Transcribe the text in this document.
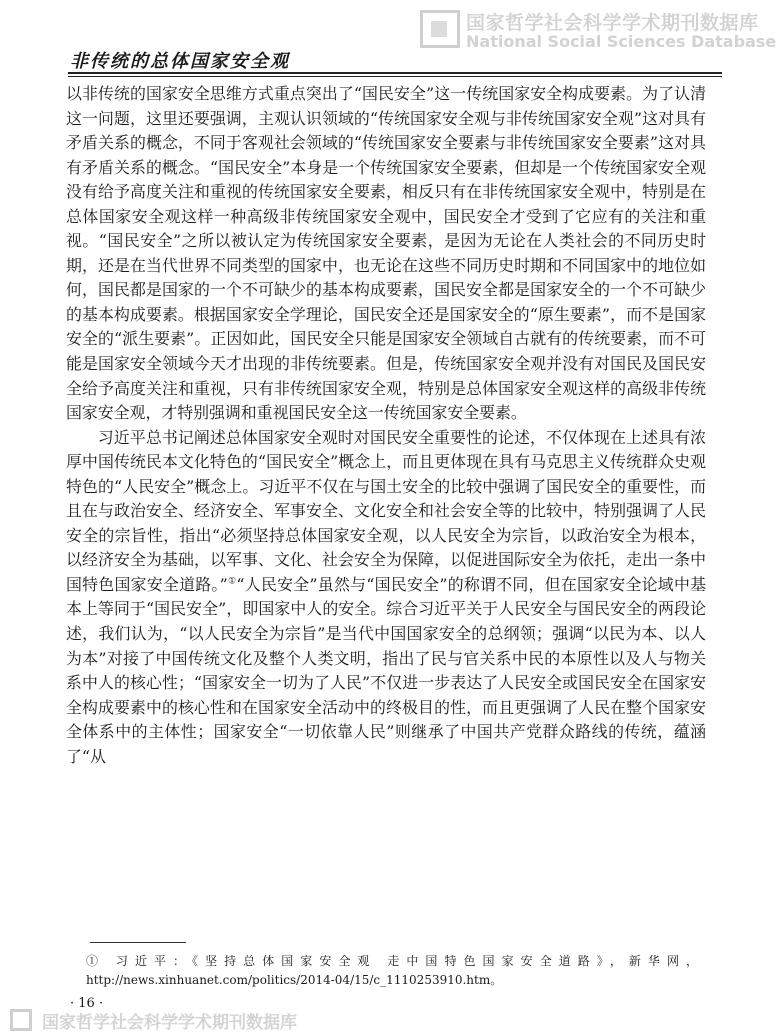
国家哲学社会科学学术期刊数据库
National Social Sciences Database
非传统的总体国家安全观

以非传统的国家安全思维方式重点突出了“国民安全”这一传统国家安全构成要素。为了认清这一问题，这里还要强调，主观认识领域的“传统国家安全观与非传统国家安全观”这对具有矛盾关系的概念，不同于客观社会领域的“传统国家安全要素与非传统国家安全要素”这对具有矛盾关系的概念。“国民安全”本身是一个传统国家安全要素，但却是一个传统国家安全观没有给予高度关注和重视的传统国家安全要素，相反只有在非传统国家安全观中，特别是在总体国家安全观这样一种高级非传统国家安全观中，国民安全才受到了它应有的关注和重视。“国民安全”之所以被认定为传统国家安全要素，是因为无论在人类社会的不同历史时期，还是在当代世界不同类型的国家中，也无论在这些不同历史时期和不同国家中的地位如何，国民都是国家的一个不可缺少的基本构成要素，国民安全都是国家安全的一个不可缺少的基本构成要素。根据国家安全学理论，国民安全还是国家安全的“原生要素”，而不是国家安全的“派生要素”。正因如此，国民安全只能是国家安全领域自古就有的传统要素，而不可能是国家安全领域今天才出现的非传统要素。但是，传统国家安全观并没有对国民及国民安全给予高度关注和重视，只有非传统国家安全观，特别是总体国家安全观这样的高级非传统国家安全观，才特别强调和重视国民安全这一传统国家安全要素。

习近平总书记阐述总体国家安全观时对国民安全重要性的论述，不仅体现在上述具有浓厚中国传统民本文化特色的“国民安全”概念上，而且更体现在具有马克思主义传统群众史观特色的“人民安全”概念上。习近平不仅在与国土安全的比较中强调了国民安全的重要性，而且在与政治安全、经济安全、军事安全、文化安全和社会安全等的比较中，特别强调了人民安全的宗旨性，指出“必须坚持总体国家安全观，以人民安全为宗旨，以政治安全为根本，以经济安全为基础，以军事、文化、社会安全为保障，以促进国际安全为依托，走出一条中国特色国家安全道路。”①“人民安全”虽然与“国民安全”的称谓不同，但在国家安全论域中基本上等同于“国民安全”，即国家中人的安全。综合习近平关于人民安全与国民安全的两段论述，我们认为，“以人民安全为宗旨”是当代中国国家安全的总纲领；强调“以民为本、以人为本”对接了中国传统文化及整个人类文明，指出了民与官关系中民的本原性以及人与物关系中人的核心性；“国家安全一切为了人民”不仅进一步表达了人民安全或国民安全在国家安全构成要素中的核心性和在国家安全活动中的终极目的性，而且更强调了人民在整个国家安全体系中的主体性；国家安全“一切依靠人民”则继承了中国共产党群众路线的传统，蕴涵了“从

① 习近平：《坚持总体国家安全观 走中国特色国家安全道路》，新华网，http://news.xinhuanet.com/politics/2014-04/15/c_1110253910.htm。
· 16 ·
国家哲学社会科学学术期刊数据库
